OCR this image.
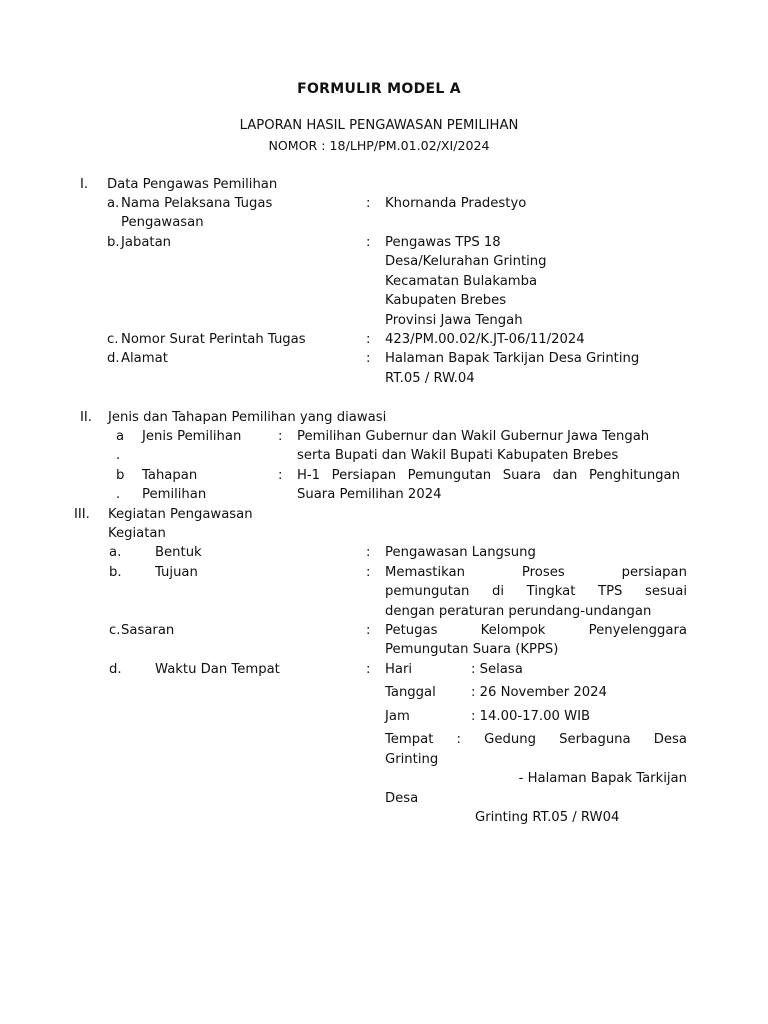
FORMULIR MODEL A
LAPORAN HASIL PENGAWASAN PEMILIHAN
NOMOR : 18/LHP/PM.01.02/XI/2024
I. Data Pengawas Pemilihan
a. Nama Pelaksana Tugas
Pengawasan
: Khornanda Pradestyo
b. Jabatan	: Pengawas TPS 18
Desa/Kelurahan Grinting
Kecamatan Bulakamba
Kabupaten Brebes
Provinsi Jawa Tengah
c. Nomor Surat Perintah Tugas	: 423/PM.00.02/K.JT-06/11/2024
d. Alamat	: Halaman Bapak Tarkijan Desa Grinting
RT.05 / RW.04
II. Jenis dan Tahapan Pemilihan yang diawasi
a
.
Jenis Pemilihan	: Pemilihan Gubernur dan Wakil Gubernur Jawa Tengah
serta Bupati dan Wakil Bupati Kabupaten Brebes
b
.
Tahapan
Pemilihan
: H-1 Persiapan Pemungutan Suara dan Penghitungan
Suara Pemilihan 2024
III. Kegiatan Pengawasan
Kegiatan
a.	Bentuk	: Pengawasan Langsung
b.	Tujuan	: Memastikan Proses persiapan
pemungutan di Tingkat TPS sesuai
dengan peraturan perundang-undangan
c. Sasaran	: Petugas Kelompok Penyelenggara
Pemungutan Suara (KPPS)
d.	Waktu Dan Tempat	: Hari	: Selasa
Tanggal	: 26 November 2024
Jam	: 14.00-17.00 WIB
Tempat : Gedung Serbaguna Desa
Grinting
- Halaman Bapak Tarkijan
Desa
Grinting RT.05 / RW04
